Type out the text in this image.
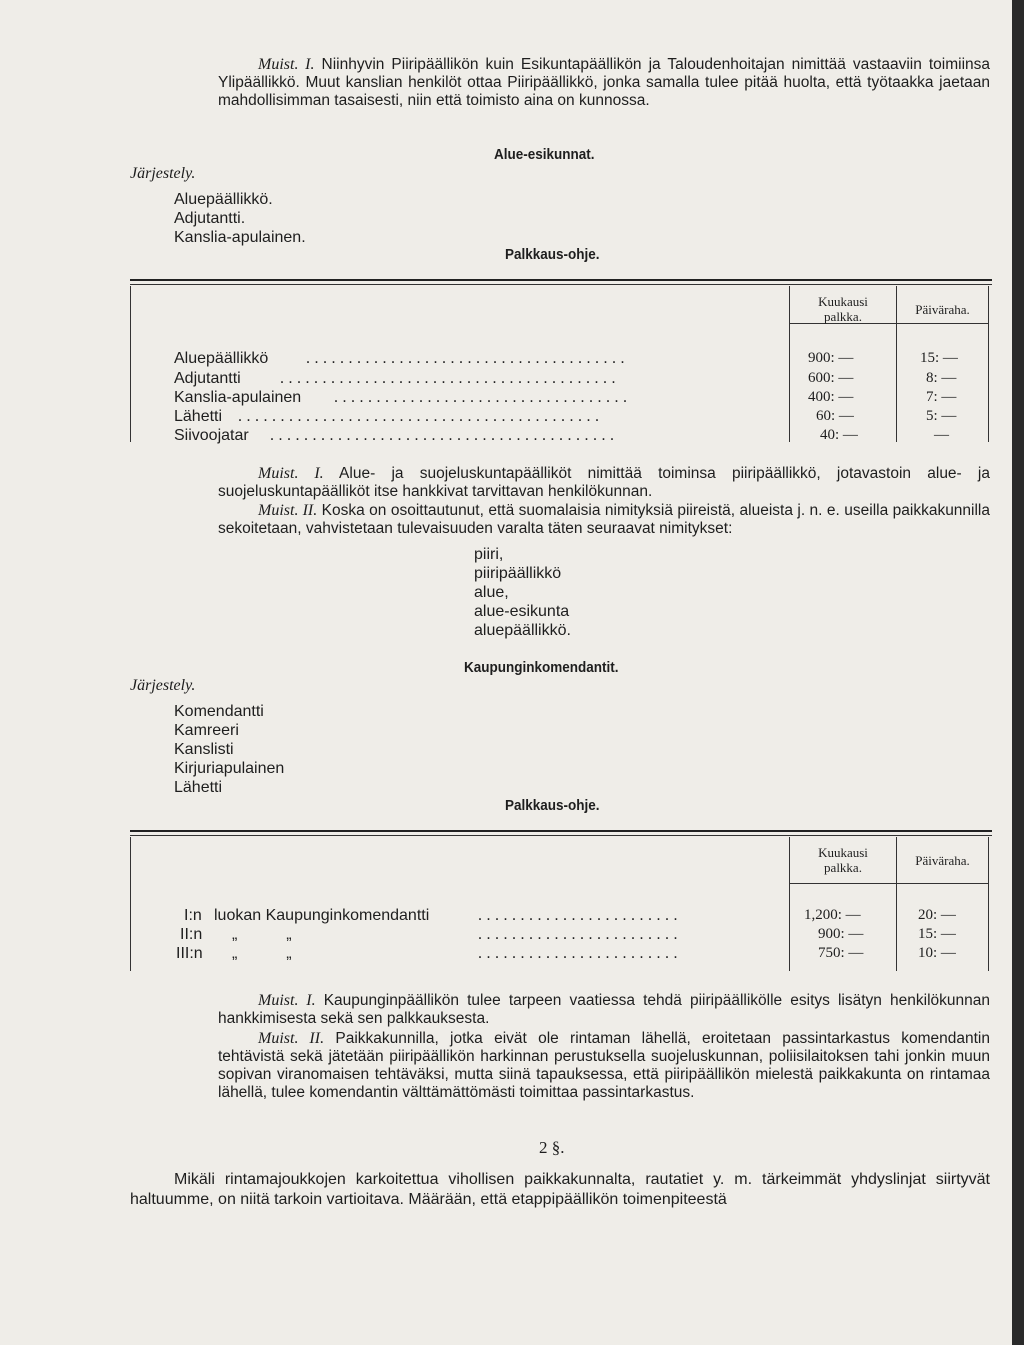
Muist. I. Niinhyvin Piiripäällikön kuin Esikuntapäällikön ja Taloudenhoitajan nimittää vastaaviin toimiinsa Ylipäällikkö. Muut kanslian henkilöt ottaa Piiripäällikkö, jonka samalla tulee pitää huolta, että työtaakka jaetaan mahdollisimman tasaisesti, niin että toimisto aina on kunnossa.

Alue-esikunnat.
Järjestely.
Aluepäällikkö.
Adjutantti.
Kanslia-apulainen.
Palkkaus-ohje.
Kuukausi
palkka.	Päiväraha.
Aluepäällikkö ......................................	900: —	15: —
Adjutantti ........................................	600: —	8: —
Kanslia-apulainen ...................................	400: —	7: —
Lähetti ...........................................	60: —	5: —
Siivoojatar .........................................	40: —	—

Muist. I. Alue- ja suojeluskuntapäälliköt nimittää toiminsa piiripäällikkö, jotavastoin alue- ja suojeluskuntapäälliköt itse hankkivat tarvittavan henkilökunnan.

Muist. II. Koska on osoittautunut, että suomalaisia nimityksiä piireistä, alueista j. n. e. useilla paikkakunnilla sekoitetaan, vahvistetaan tulevaisuuden varalta täten seuraavat nimitykset:

piiri,
piiripäällikkö
alue,
alue-esikunta
aluepäällikkö.
Kaupunginkomendantit.
Järjestely.
Komendantti
Kamreeri
Kanslisti
Kirjuriapulainen
Lähetti
Palkkaus-ohje.
Kuukausi
palkka.	Päiväraha.
I:n luokan Kaupunginkomendantti	........................	1,200: —	20: —
II:n „           „	........................	900: —	15: —
III:n „           „	........................	750: —	10: —

Muist. I. Kaupunginpäällikön tulee tarpeen vaatiessa tehdä piiripäällikölle esitys lisätyn henkilökunnan hankkimisesta sekä sen palkkauksesta.

Muist. II. Paikkakunnilla, jotka eivät ole rintaman lähellä, eroitetaan passintarkastus komendantin tehtävistä sekä jätetään piiripäällikön harkinnan perustuksella suojeluskunnan, poliisilaitoksen tahi jonkin muun sopivan viranomaisen tehtäväksi, mutta siinä tapauksessa, että piiripäällikön mielestä paikkakunta on rintamaa lähellä, tulee komendantin välttämättömästi toimittaa passintarkastus.

2 §.

Mikäli rintamajoukkojen karkoitettua vihollisen paikkakunnalta, rautatiet y. m. tärkeimmät yhdyslinjat siirtyvät haltuumme, on niitä tarkoin vartioitava. Määrään, että etappipäällikön toimenpiteestä
